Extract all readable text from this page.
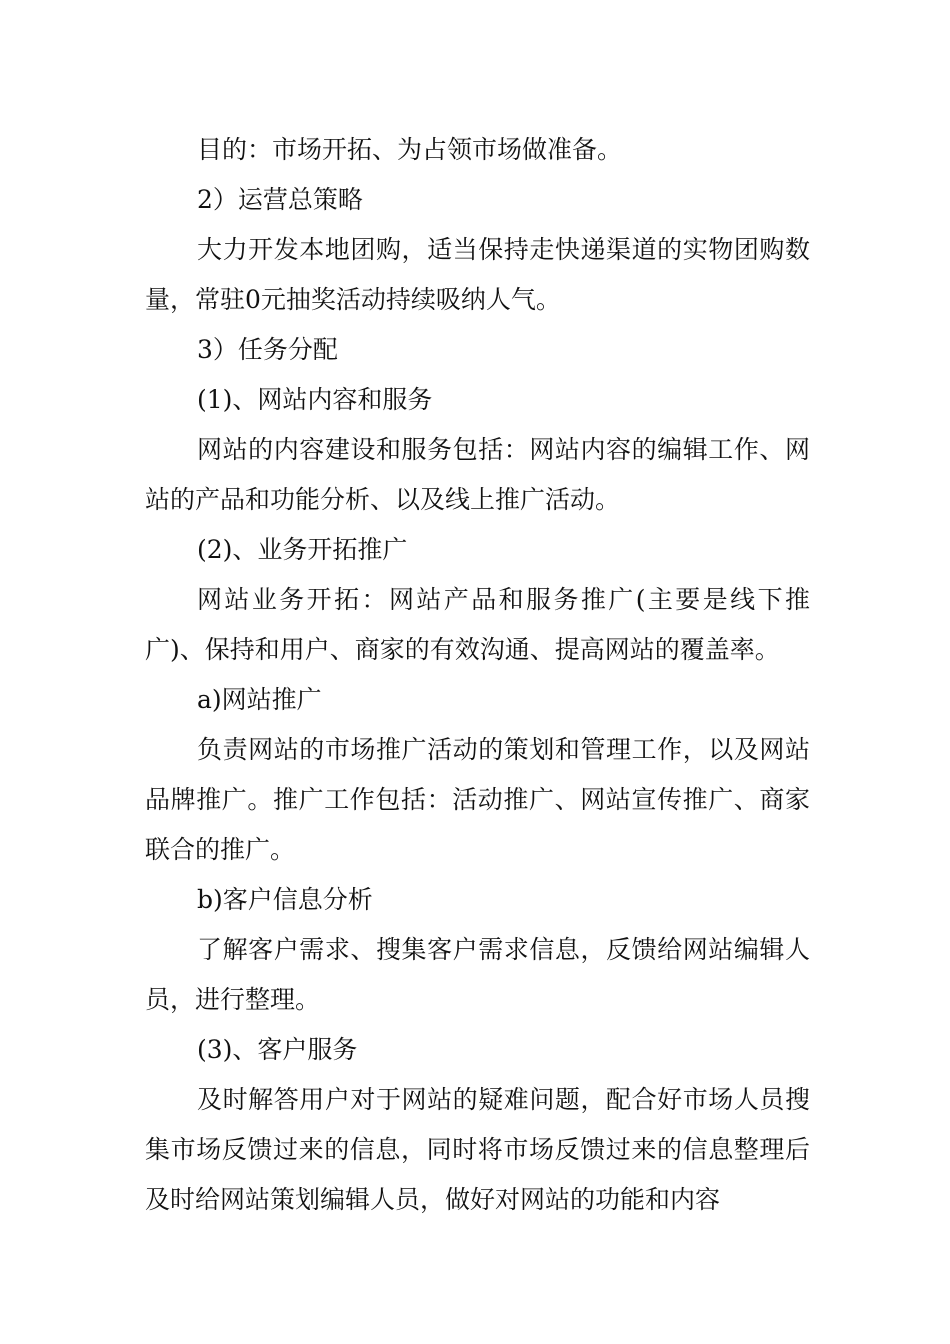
目的：市场开拓、为占领市场做准备。

2）运营总策略

大力开发本地团购，适当保持走快递渠道的实物团购数量，常驻0元抽奖活动持续吸纳人气。

3）任务分配

(1)、网站内容和服务

网站的内容建设和服务包括：网站内容的编辑工作、网站的产品和功能分析、以及线上推广活动。

(2)、业务开拓推广

网站业务开拓：网站产品和服务推广(主要是线下推广)、保持和用户、商家的有效沟通、提高网站的覆盖率。

a)网站推广

负责网站的市场推广活动的策划和管理工作，以及网站品牌推广。推广工作包括：活动推广、网站宣传推广、商家联合的推广。

b)客户信息分析

了解客户需求、搜集客户需求信息，反馈给网站编辑人员，进行整理。

(3)、客户服务

及时解答用户对于网站的疑难问题，配合好市场人员搜集市场反馈过来的信息，同时将市场反馈过来的信息整理后及时给网站策划编辑人员，做好对网站的功能和内容
